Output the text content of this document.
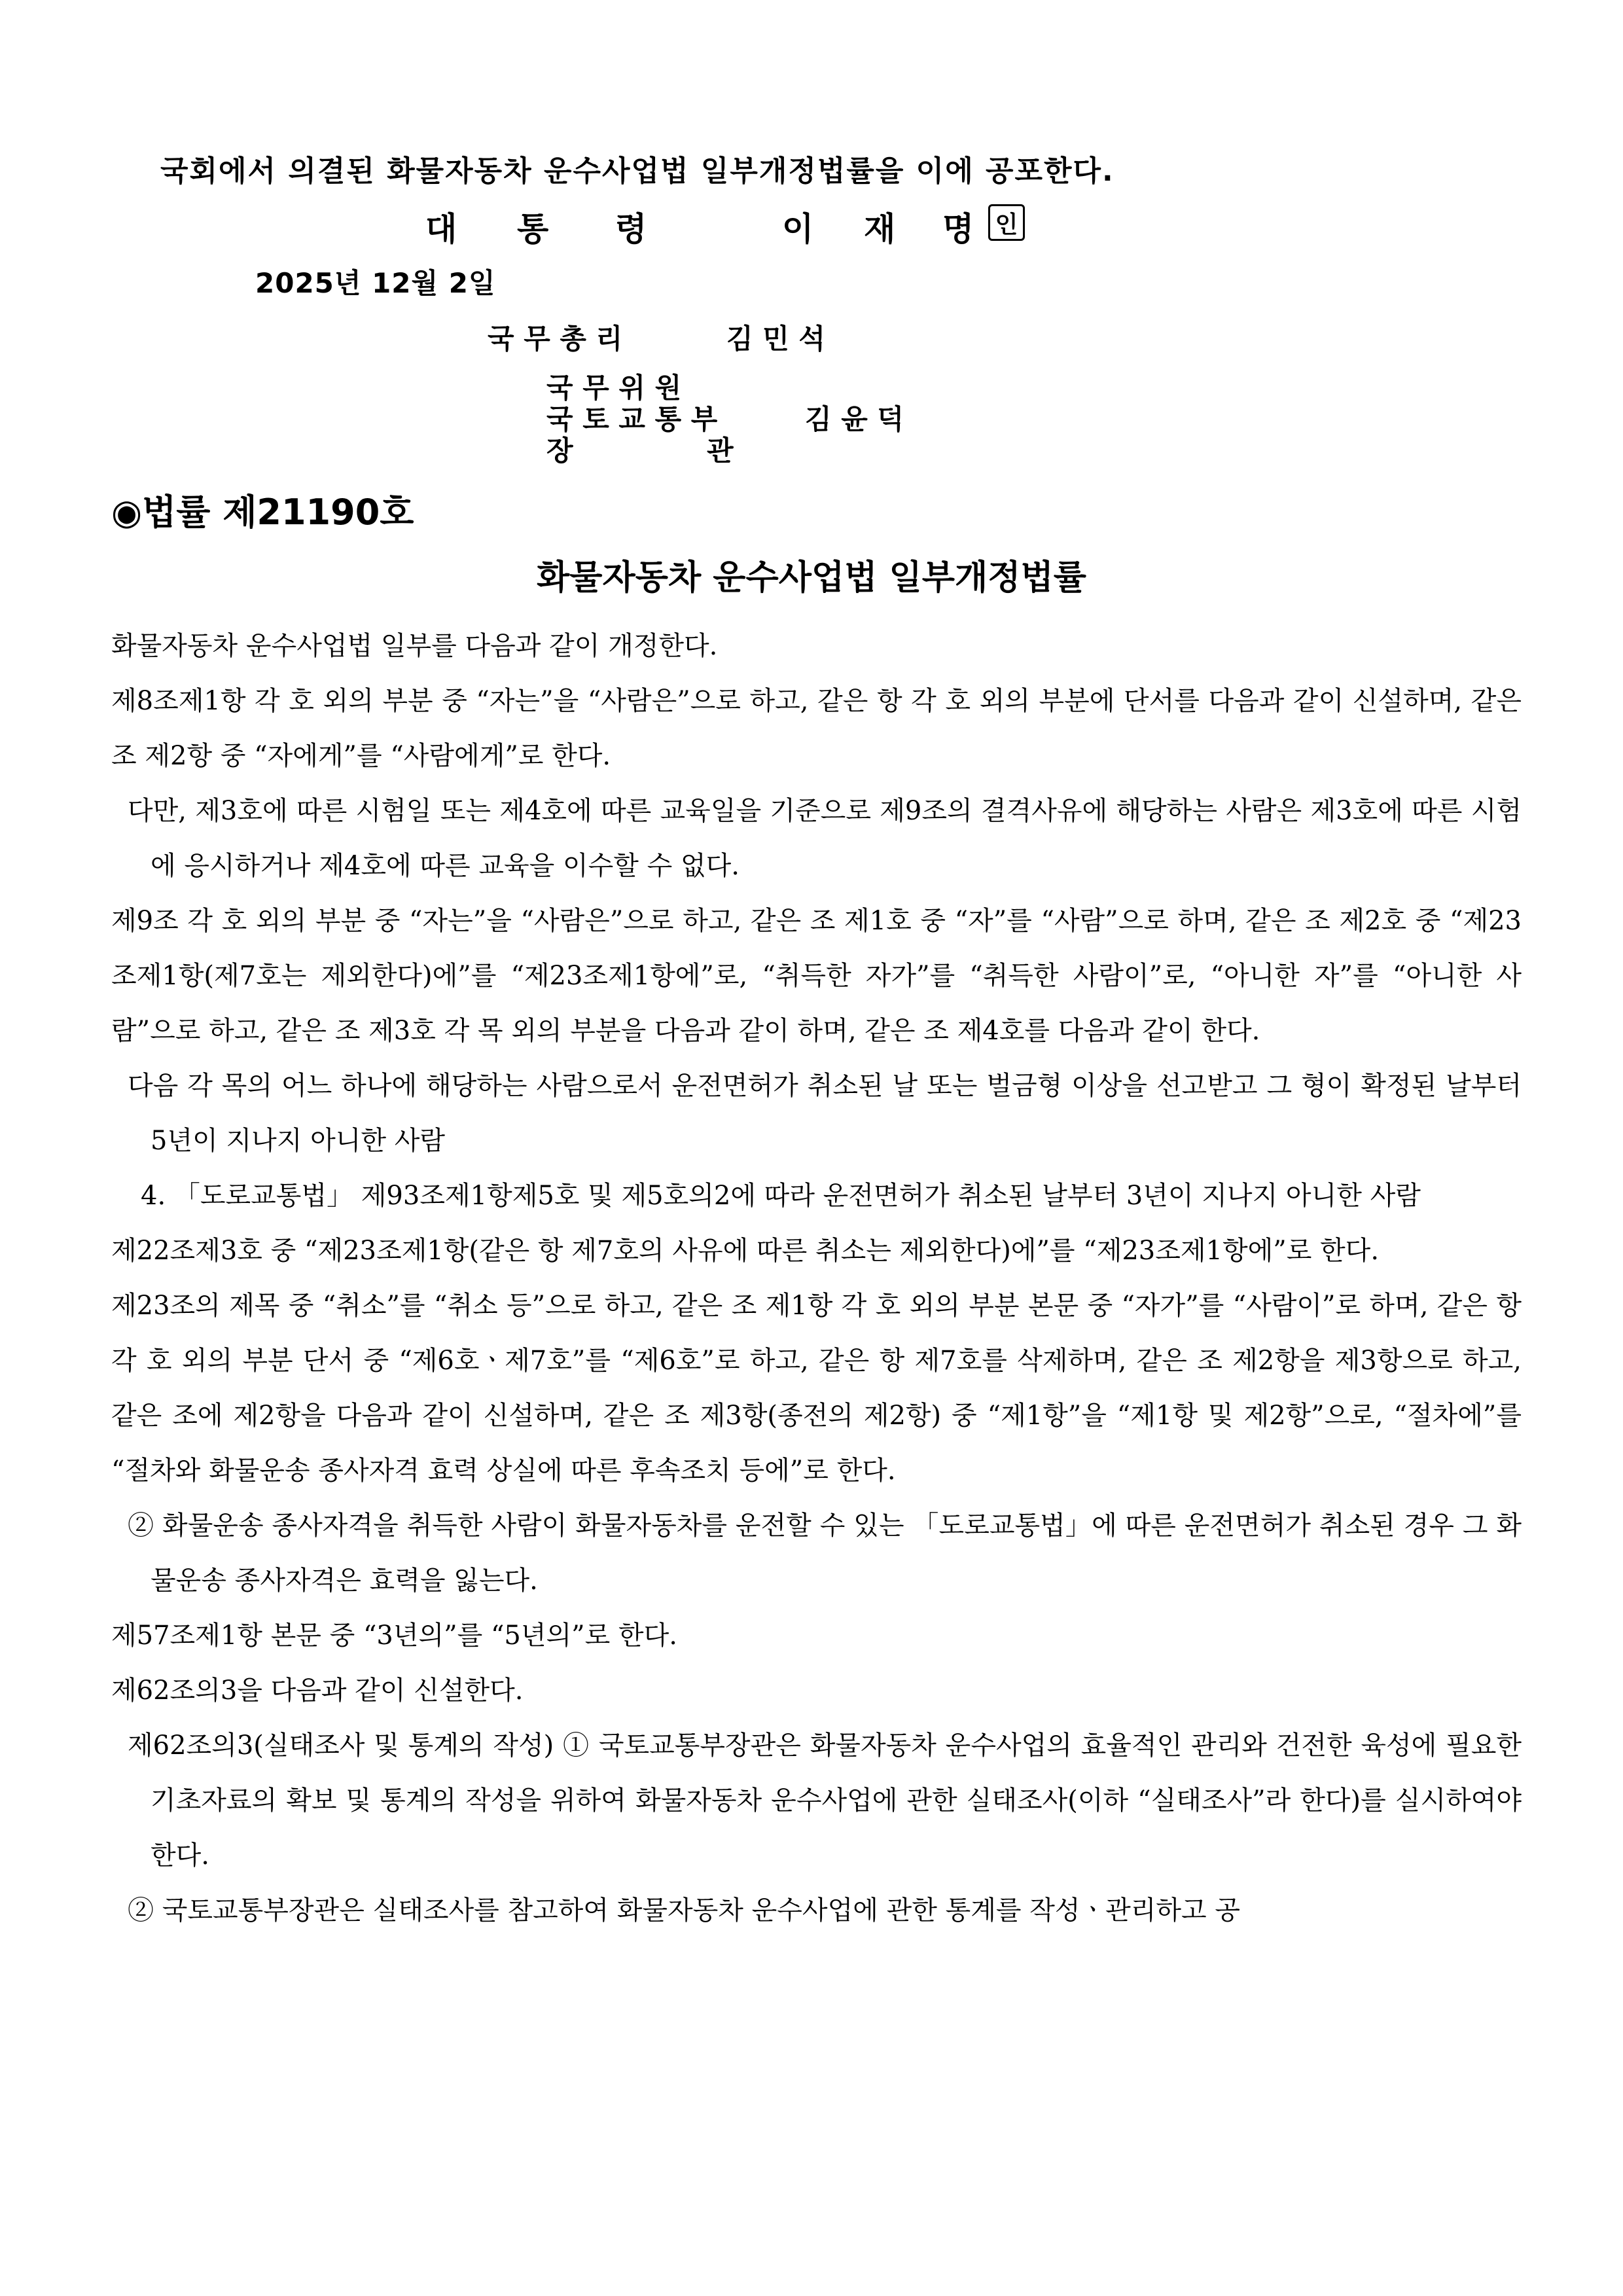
국회에서 의결된 화물자동차 운수사업법 일부개정법률을 이에 공포한다.
대 통 령	이 재 명 인
2025년 12월 2일
국 무 총 리	김 민 석
국 무 위 원
국 토 교 통 부
장	관
김 윤 덕
◉법률 제21190호
화물자동차 운수사업법 일부개정법률

화물자동차 운수사업법 일부를 다음과 같이 개정한다.

제8조제1항 각 호 외의 부분 중 “자는”을 “사람은”으로 하고, 같은 항 각 호 외의 부분에 단서를 다음과 같이 신설하며, 같은 조 제2항 중 “자에게”를 “사람에게”로 한다.

다만, 제3호에 따른 시험일 또는 제4호에 따른 교육일을 기준으로 제9조의 결격사유에 해당하는 사람은 제3호에 따른 시험에 응시하거나 제4호에 따른 교육을 이수할 수 없다.

제9조 각 호 외의 부분 중 “자는”을 “사람은”으로 하고, 같은 조 제1호 중 “자”를 “사람”으로 하며, 같은 조 제2호 중 “제23조제1항(제7호는 제외한다)에”를 “제23조제1항에”로, “취득한 자가”를 “취득한 사람이”로, “아니한 자”를 “아니한 사람”으로 하고, 같은 조 제3호 각 목 외의 부분을 다음과 같이 하며, 같은 조 제4호를 다음과 같이 한다.

다음 각 목의 어느 하나에 해당하는 사람으로서 운전면허가 취소된 날 또는 벌금형 이상을 선고받고 그 형이 확정된 날부터 5년이 지나지 아니한 사람

4. 「도로교통법」 제93조제1항제5호 및 제5호의2에 따라 운전면허가 취소된 날부터 3년이 지나지 아니한 사람

제22조제3호 중 “제23조제1항(같은 항 제7호의 사유에 따른 취소는 제외한다)에”를 “제23조제1항에”로 한다.

제23조의 제목 중 “취소”를 “취소 등”으로 하고, 같은 조 제1항 각 호 외의 부분 본문 중 “자가”를 “사람이”로 하며, 같은 항 각 호 외의 부분 단서 중 “제6호ㆍ제7호”를 “제6호”로 하고, 같은 항 제7호를 삭제하며, 같은 조 제2항을 제3항으로 하고, 같은 조에 제2항을 다음과 같이 신설하며, 같은 조 제3항(종전의 제2항) 중 “제1항”을 “제1항 및 제2항”으로, “절차에”를 “절차와 화물운송 종사자격 효력 상실에 따른 후속조치 등에”로 한다.

② 화물운송 종사자격을 취득한 사람이 화물자동차를 운전할 수 있는 「도로교통법」에 따른 운전면허가 취소된 경우 그 화물운송 종사자격은 효력을 잃는다.

제57조제1항 본문 중 “3년의”를 “5년의”로 한다.

제62조의3을 다음과 같이 신설한다.

제62조의3(실태조사 및 통계의 작성) ① 국토교통부장관은 화물자동차 운수사업의 효율적인 관리와 건전한 육성에 필요한 기초자료의 확보 및 통계의 작성을 위하여 화물자동차 운수사업에 관한 실태조사(이하 “실태조사”라 한다)를 실시하여야 한다.

② 국토교통부장관은 실태조사를 참고하여 화물자동차 운수사업에 관한 통계를 작성ㆍ관리하고 공
